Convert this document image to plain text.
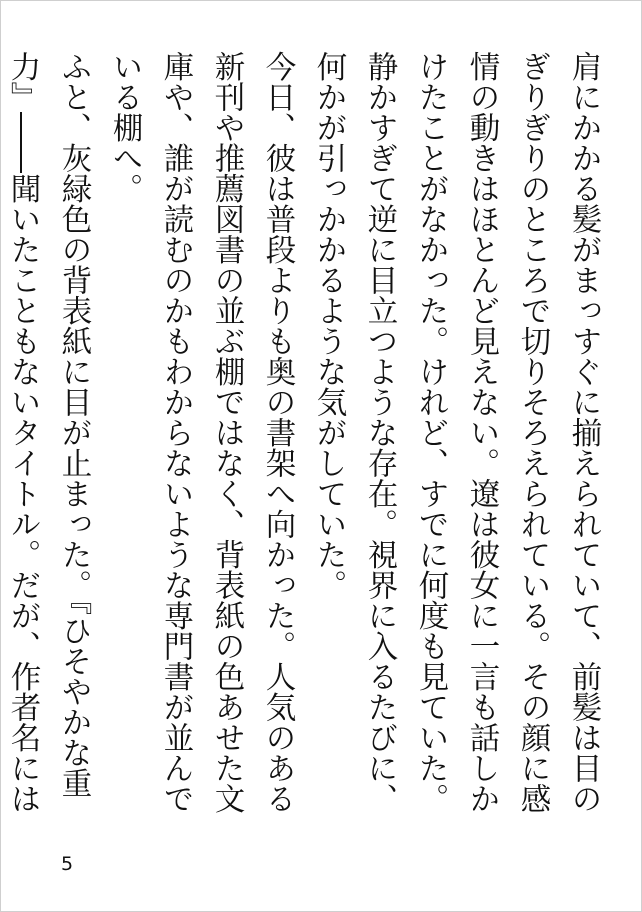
肩にかかる髪がまっすぐに揃えられていて、前髪は目のぎりぎりのところで切りそろえられている。その顔に感情の動きはほとんど見えない。遼は彼女に一言も話しかけたことがなかった。けれど、すでに何度も見ていた。静かすぎて逆に目立つような存在。視界に入るたびに、何かが引っかかるような気がしていた。

今日、彼は普段よりも奥の書架へ向かった。人気のある新刊や推薦図書の並ぶ棚ではなく、背表紙の色あせた文庫や、誰が読むのかもわからないような専門書が並んでいる棚へ。

ふと、灰緑色の背表紙に目が止まった。『ひそやかな重力』――聞いたこともないタイトル。だが、作者名には

5
